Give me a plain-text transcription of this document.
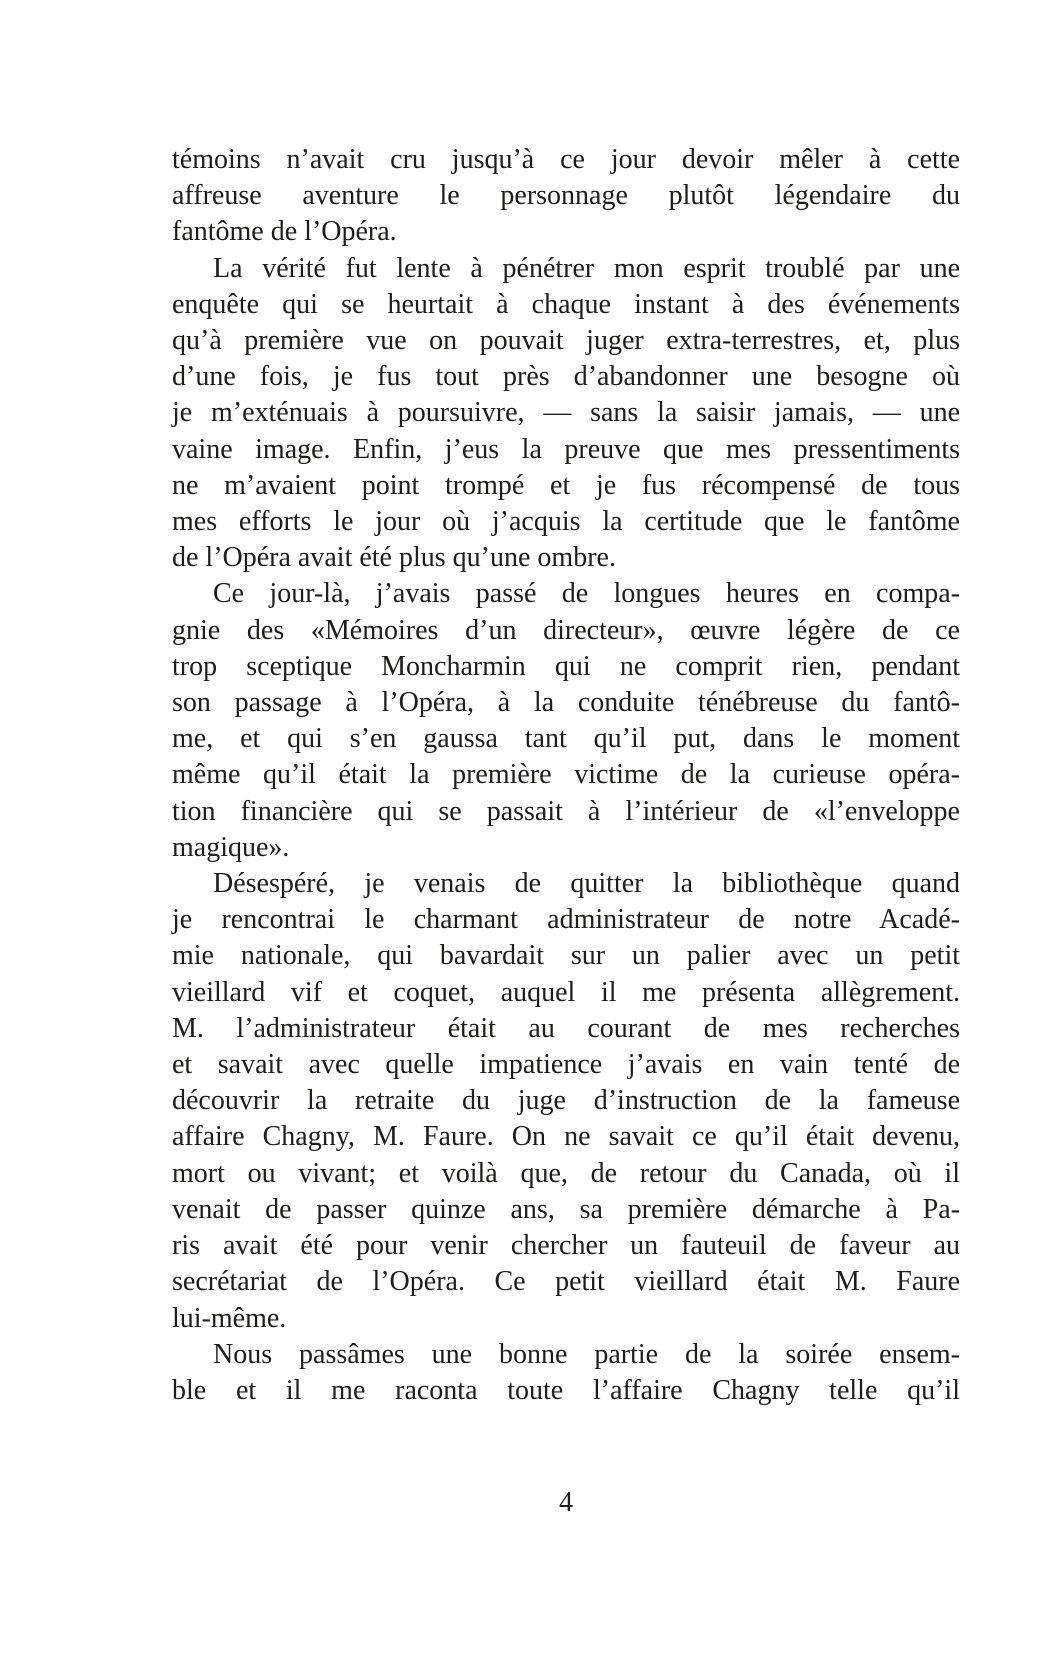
témoins n’avait cru jusqu’à ce jour devoir mêler à cette
affreuse aventure le personnage plutôt légendaire du
fantôme de l’Opéra.
La vérité fut lente à pénétrer mon esprit troublé par une
enquête qui se heurtait à chaque instant à des événements
qu’à première vue on pouvait juger extra-terrestres, et, plus
d’une fois, je fus tout près d’abandonner une besogne où
je m’exténuais à poursuivre, — sans la saisir jamais, — une
vaine image. Enfin, j’eus la preuve que mes pressentiments
ne m’avaient point trompé et je fus récompensé de tous
mes efforts le jour où j’acquis la certitude que le fantôme
de l’Opéra avait été plus qu’une ombre.
Ce jour-là, j’avais passé de longues heures en compa-
gnie des «Mémoires d’un directeur», œuvre légère de ce
trop sceptique Moncharmin qui ne comprit rien, pendant
son passage à l’Opéra, à la conduite ténébreuse du fantô-
me, et qui s’en gaussa tant qu’il put, dans le moment
même qu’il était la première victime de la curieuse opéra-
tion financière qui se passait à l’intérieur de «l’enveloppe
magique».
Désespéré, je venais de quitter la bibliothèque quand
je rencontrai le charmant administrateur de notre Acadé-
mie nationale, qui bavardait sur un palier avec un petit
vieillard vif et coquet, auquel il me présenta allègrement.
M. l’administrateur était au courant de mes recherches
et savait avec quelle impatience j’avais en vain tenté de
découvrir la retraite du juge d’instruction de la fameuse
affaire Chagny, M. Faure. On ne savait ce qu’il était devenu,
mort ou vivant; et voilà que, de retour du Canada, où il
venait de passer quinze ans, sa première démarche à Pa-
ris avait été pour venir chercher un fauteuil de faveur au
secrétariat de l’Opéra. Ce petit vieillard était M. Faure
lui-même.
Nous passâmes une bonne partie de la soirée ensem-
ble et il me raconta toute l’affaire Chagny telle qu’il
4
